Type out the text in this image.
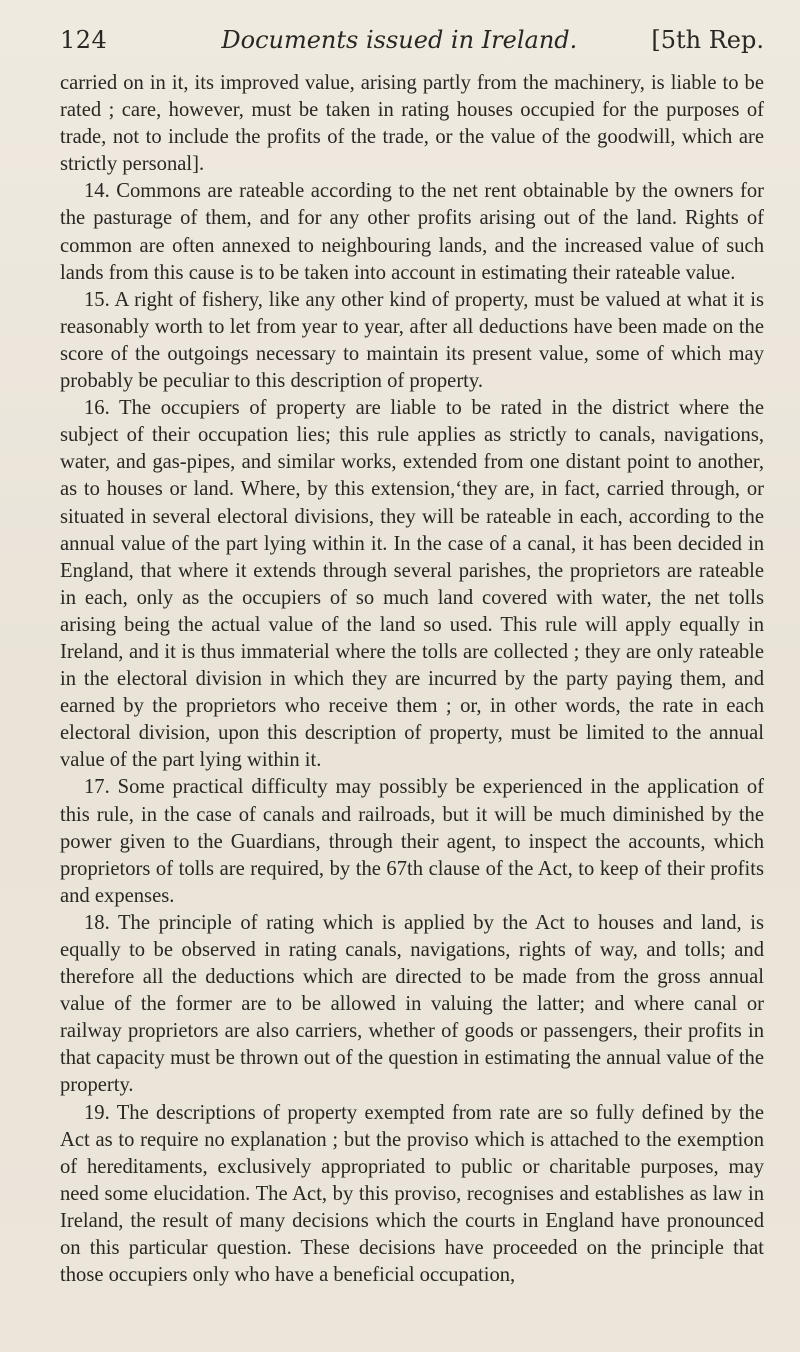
124	Documents issued in Ireland.	[5th Rep.

carried on in it, its improved value, arising partly from the machinery, is liable to be rated ; care, however, must be taken in rating houses occupied for the purposes of trade, not to include the profits of the trade, or the value of the goodwill, which are strictly personal].

14. Commons are rateable according to the net rent obtainable by the owners for the pasturage of them, and for any other profits arising out of the land. Rights of common are often annexed to neighbouring lands, and the increased value of such lands from this cause is to be taken into account in estimating their rateable value.

15. A right of fishery, like any other kind of property, must be valued at what it is reasonably worth to let from year to year, after all deductions have been made on the score of the outgoings necessary to maintain its present value, some of which may probably be peculiar to this description of property.

16. The occupiers of property are liable to be rated in the district where the subject of their occupation lies; this rule applies as strictly to canals, navigations, water, and gas-pipes, and similar works, extended from one distant point to another, as to houses or land. Where, by this extension,‘they are, in fact, carried through, or situated in several electoral divisions, they will be rateable in each, according to the annual value of the part lying within it. In the case of a canal, it has been decided in England, that where it extends through several parishes, the proprietors are rateable in each, only as the occupiers of so much land covered with water, the net tolls arising being the actual value of the land so used. This rule will apply equally in Ireland, and it is thus immaterial where the tolls are collected ; they are only rateable in the electoral division in which they are incurred by the party paying them, and earned by the proprietors who receive them ; or, in other words, the rate in each electoral division, upon this description of property, must be limited to the annual value of the part lying within it.

17. Some practical difficulty may possibly be experienced in the application of this rule, in the case of canals and railroads, but it will be much diminished by the power given to the Guardians, through their agent, to inspect the accounts, which proprietors of tolls are required, by the 67th clause of the Act, to keep of their profits and expenses.

18. The principle of rating which is applied by the Act to houses and land, is equally to be observed in rating canals, navigations, rights of way, and tolls; and therefore all the deductions which are directed to be made from the gross annual value of the former are to be allowed in valuing the latter; and where canal or railway proprietors are also carriers, whether of goods or passengers, their profits in that capacity must be thrown out of the question in estimating the annual value of the property.

19. The descriptions of property exempted from rate are so fully defined by the Act as to require no explanation ; but the proviso which is attached to the exemption of hereditaments, exclusively appropriated to public or charitable purposes, may need some elucidation. The Act, by this proviso, recognises and establishes as law in Ireland, the result of many decisions which the courts in England have pronounced on this particular question. These decisions have proceeded on the principle that those occupiers only who have a beneficial occupation,
